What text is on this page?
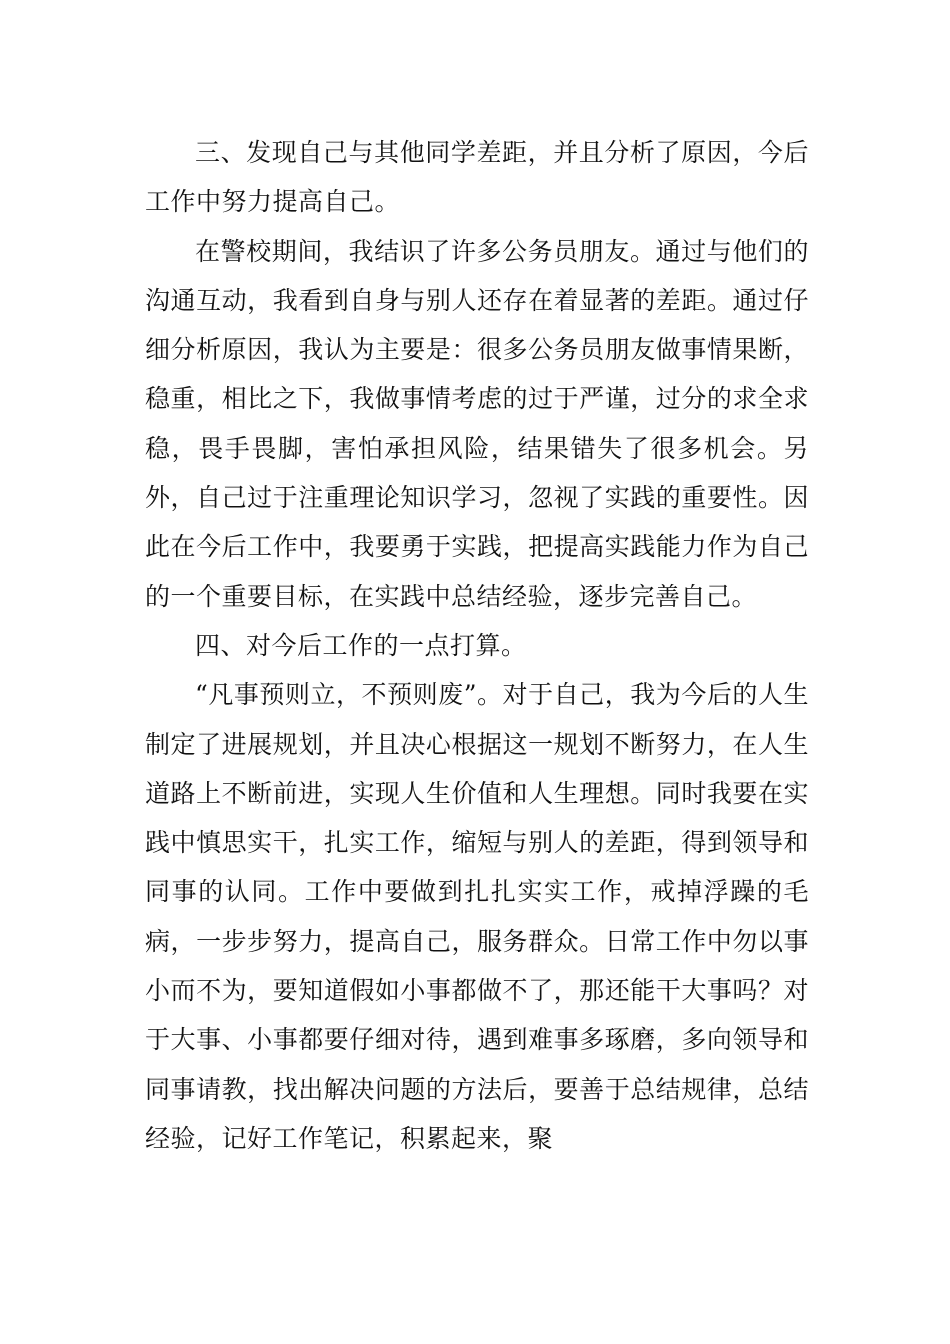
三、发现自己与其他同学差距，并且分析了原因，今后工作中努力提高自己。

在警校期间，我结识了许多公务员朋友。通过与他们的沟通互动，我看到自身与别人还存在着显著的差距。通过仔细分析原因，我认为主要是：很多公务员朋友做事情果断，稳重，相比之下，我做事情考虑的过于严谨，过分的求全求稳，畏手畏脚，害怕承担风险，结果错失了很多机会。另外，自己过于注重理论知识学习，忽视了实践的重要性。因此在今后工作中，我要勇于实践，把提高实践能力作为自己的一个重要目标，在实践中总结经验，逐步完善自己。

四、对今后工作的一点打算。

“凡事预则立，不预则废”。对于自己，我为今后的人生制定了进展规划，并且决心根据这一规划不断努力，在人生道路上不断前进，实现人生价值和人生理想。同时我要在实践中慎思实干，扎实工作，缩短与别人的差距，得到领导和同事的认同。工作中要做到扎扎实实工作，戒掉浮躁的毛病，一步步努力，提高自己，服务群众。日常工作中勿以事小而不为，要知道假如小事都做不了，那还能干大事吗？对于大事、小事都要仔细对待，遇到难事多琢磨，多向领导和同事请教，找出解决问题的方法后，要善于总结规律，总结经验，记好工作笔记，积累起来，聚
